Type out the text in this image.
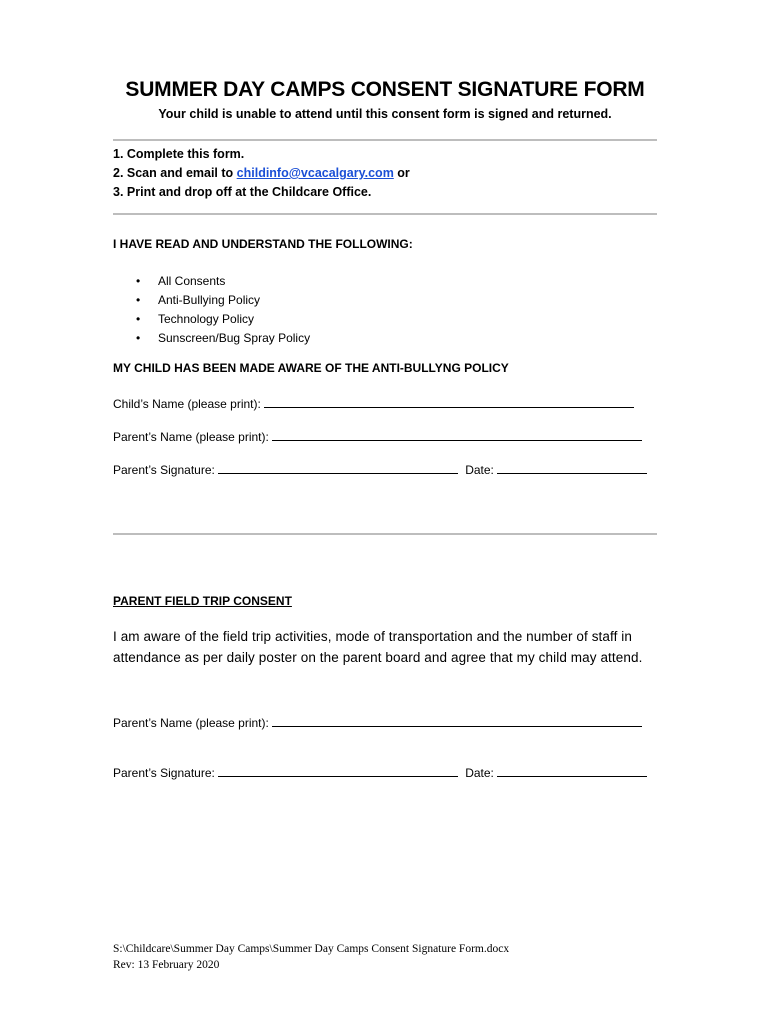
SUMMER DAY CAMPS CONSENT SIGNATURE FORM
Your child is unable to attend until this consent form is signed and returned.
1. Complete this form.
2. Scan and email to childinfo@vcacalgary.com or
3. Print and drop off at the Childcare Office.
I HAVE READ AND UNDERSTAND THE FOLLOWING:
• All Consents
• Anti-Bullying Policy
• Technology Policy
• Sunscreen/Bug Spray Policy
MY CHILD HAS BEEN MADE AWARE OF THE ANTI-BULLYNG POLICY
Child’s Name (please print):
Parent’s Name (please print):
Parent’s Signature:	Date:
PARENT FIELD TRIP CONSENT
I am aware of the field trip activities, mode of transportation and the number of staff in attendance as per daily poster on the parent board and agree that my child may attend.
Parent’s Name (please print):
Parent’s Signature:	Date:
S:\Childcare\Summer Day Camps\Summer Day Camps Consent Signature Form.docx
Rev: 13 February 2020
